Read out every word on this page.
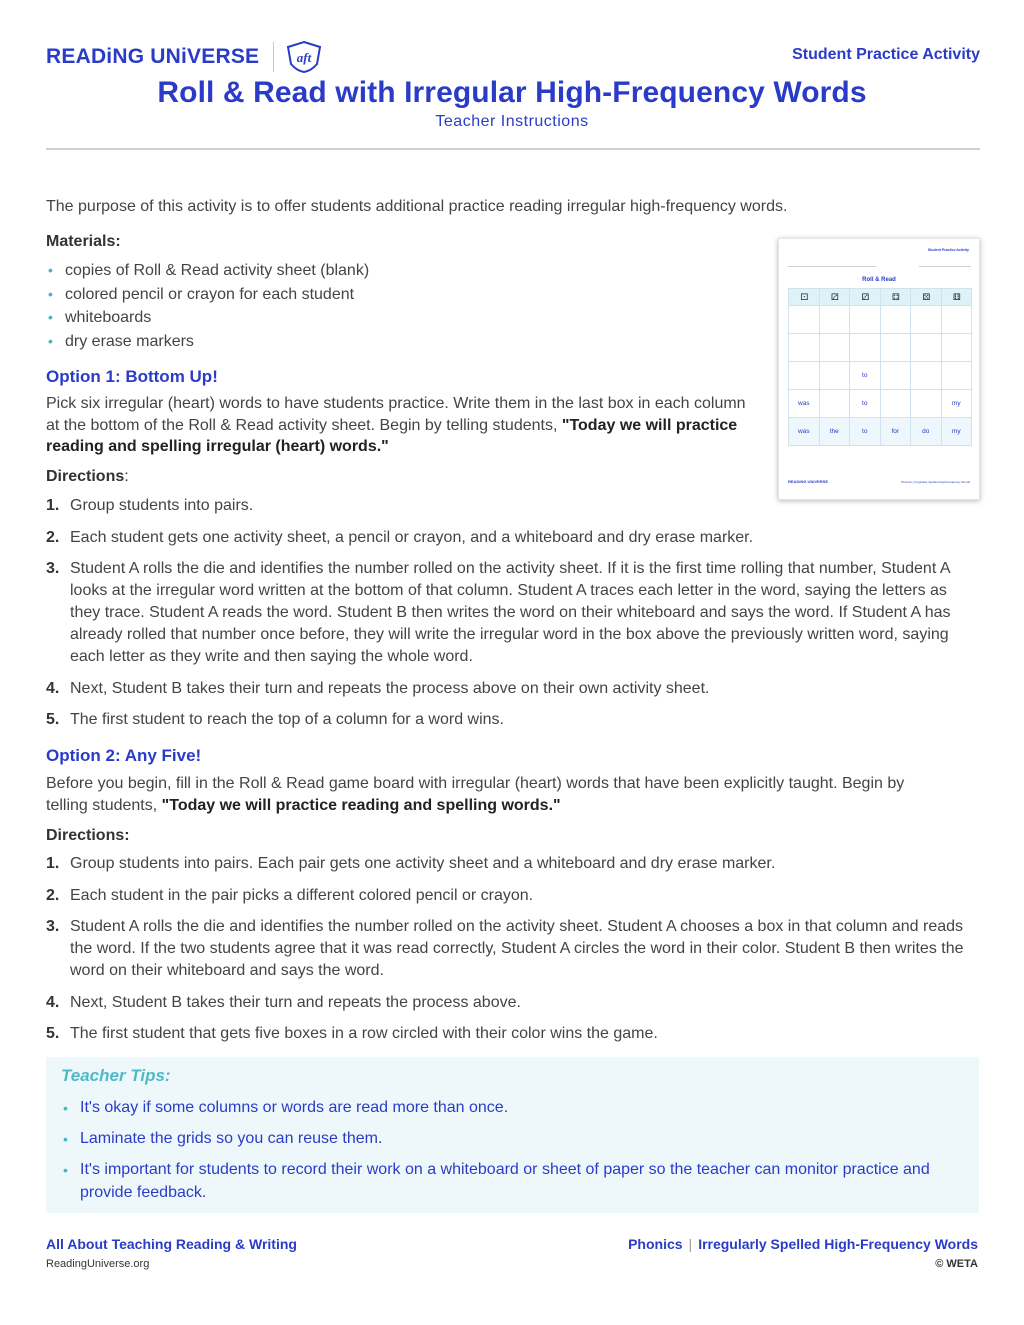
READiNG UNiVERSE	aft	Student Practice Activity
Roll & Read with Irregular High-Frequency Words
Teacher Instructions

The purpose of this activity is to offer students additional practice reading irregular high-frequency words.

Materials:
• copies of Roll & Read activity sheet (blank)
• colored pencil or crayon for each student
• whiteboards
• dry erase markers
Student Practice Activity
Roll & Read
⚀	⚂	⚂	⚃	⚄	⚅

		to			
was		to			my
was	the	to	for	do	my
READiNG UNiVERSE	Phonics | Irregularly Spelled High-Frequency Words
Option 1: Bottom Up!

Pick six irregular (heart) words to have students practice. Write them in the last box in each column at the bottom of the Roll & Read activity sheet. Begin by telling students, "Today we will practice reading and spelling irregular (heart) words."

Directions:
1. Group students into pairs.
2. Each student gets one activity sheet, a pencil or crayon, and a whiteboard and dry erase marker.
3. Student A rolls the die and identifies the number rolled on the activity sheet. If it is the first time rolling that number, Student A looks at the irregular word written at the bottom of that column. Student A traces each letter in the word, saying the letters as they trace. Student A reads the word. Student B then writes the word on their whiteboard and says the word. If Student A has already rolled that number once before, they will write the irregular word in the box above the previously written word, saying each letter as they write and then saying the whole word.
4. Next, Student B takes their turn and repeats the process above on their own activity sheet.
5. The first student to reach the top of a column for a word wins.
Option 2: Any Five!

Before you begin, fill in the Roll & Read game board with irregular (heart) words that have been explicitly taught. Begin by telling students, "Today we will practice reading and spelling words."

Directions:
1. Group students into pairs. Each pair gets one activity sheet and a whiteboard and dry erase marker.
2. Each student in the pair picks a different colored pencil or crayon.
3. Student A rolls the die and identifies the number rolled on the activity sheet. Student A chooses a box in that column and reads the word. If the two students agree that it was read correctly, Student A circles the word in their color. Student B then writes the word on their whiteboard and says the word.
4. Next, Student B takes their turn and repeats the process above.
5. The first student that gets five boxes in a row circled with their color wins the game.
Teacher Tips:
• It's okay if some columns or words are read more than once.
• Laminate the grids so you can reuse them.
• It's important for students to record their work on a whiteboard or sheet of paper so the teacher can monitor practice and provide feedback.
All About Teaching Reading & Writing
ReadingUniverse.org
Phonics | Irregularly Spelled High-Frequency Words
© WETA
